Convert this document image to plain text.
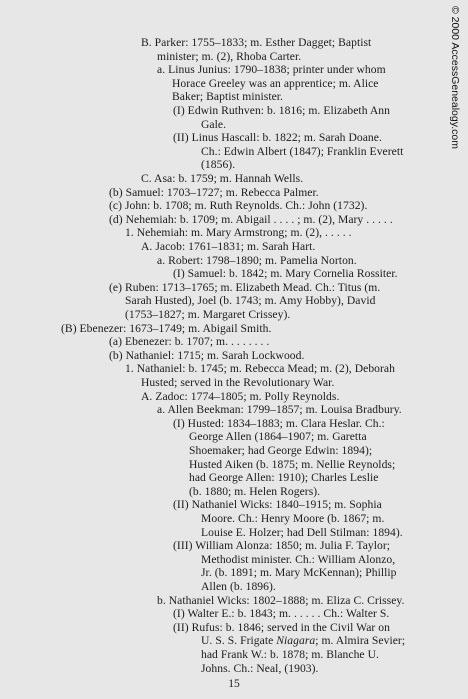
© 2000 AccessGenealogy.com
B. Parker: 1755–1833; m. Esther Dagget; Baptist
minister; m. (2), Rhoba Carter.
a. Linus Junius: 1790–1838; printer under whom
Horace Greeley was an apprentice; m. Alice
Baker; Baptist minister.
(I) Edwin Ruthven: b. 1816; m. Elizabeth Ann
Gale.
(II) Linus Hascall: b. 1822; m. Sarah Doane.
Ch.: Edwin Albert (1847); Franklin Everett
(1856).
C. Asa: b. 1759; m. Hannah Wells.
(b) Samuel: 1703–1727; m. Rebecca Palmer.
(c) John: b. 1708; m. Ruth Reynolds. Ch.: John (1732).
(d) Nehemiah: b. 1709; m. Abigail . . . . ; m. (2), Mary . . . . .
1. Nehemiah: m. Mary Armstrong; m. (2), . . . . .
A. Jacob: 1761–1831; m. Sarah Hart.
a. Robert: 1798–1890; m. Pamelia Norton.
(I) Samuel: b. 1842; m. Mary Cornelia Rossiter.
(e) Ruben: 1713–1765; m. Elizabeth Mead. Ch.: Titus (m.
Sarah Husted), Joel (b. 1743; m. Amy Hobby), David
(1753–1827; m. Margaret Crissey).
(B) Ebenezer: 1673–1749; m. Abigail Smith.
(a) Ebenezer: b. 1707; m. . . . . . . .
(b) Nathaniel: 1715; m. Sarah Lockwood.
1. Nathaniel: b. 1745; m. Rebecca Mead; m. (2), Deborah
Husted; served in the Revolutionary War.
A. Zadoc: 1774–1805; m. Polly Reynolds.
a. Allen Beekman: 1799–1857; m. Louisa Bradbury.
(I) Husted: 1834–1883; m. Clara Heslar. Ch.:
George Allen (1864–1907; m. Garetta
Shoemaker; had George Edwin: 1894);
Husted Aiken (b. 1875; m. Nellie Reynolds;
had George Allen: 1910); Charles Leslie
(b. 1880; m. Helen Rogers).
(II) Nathaniel Wicks: 1840–1915; m. Sophia
Moore. Ch.: Henry Moore (b. 1867; m.
Louise E. Holzer; had Dell Stilman: 1894).
(III) William Alonza: 1850; m. Julia F. Taylor;
Methodist minister. Ch.: William Alonzo,
Jr. (b. 1891; m. Mary McKennan); Phillip
Allen (b. 1896).
b. Nathaniel Wicks: 1802–1888; m. Eliza C. Crissey.
(I) Walter E.: b. 1843; m. . . . . . Ch.: Walter S.
(II) Rufus: b. 1846; served in the Civil War on
U. S. S. Frigate Niagara; m. Almira Sevier;
had Frank W.: b. 1878; m. Blanche U.
Johns. Ch.: Neal, (1903).
15
